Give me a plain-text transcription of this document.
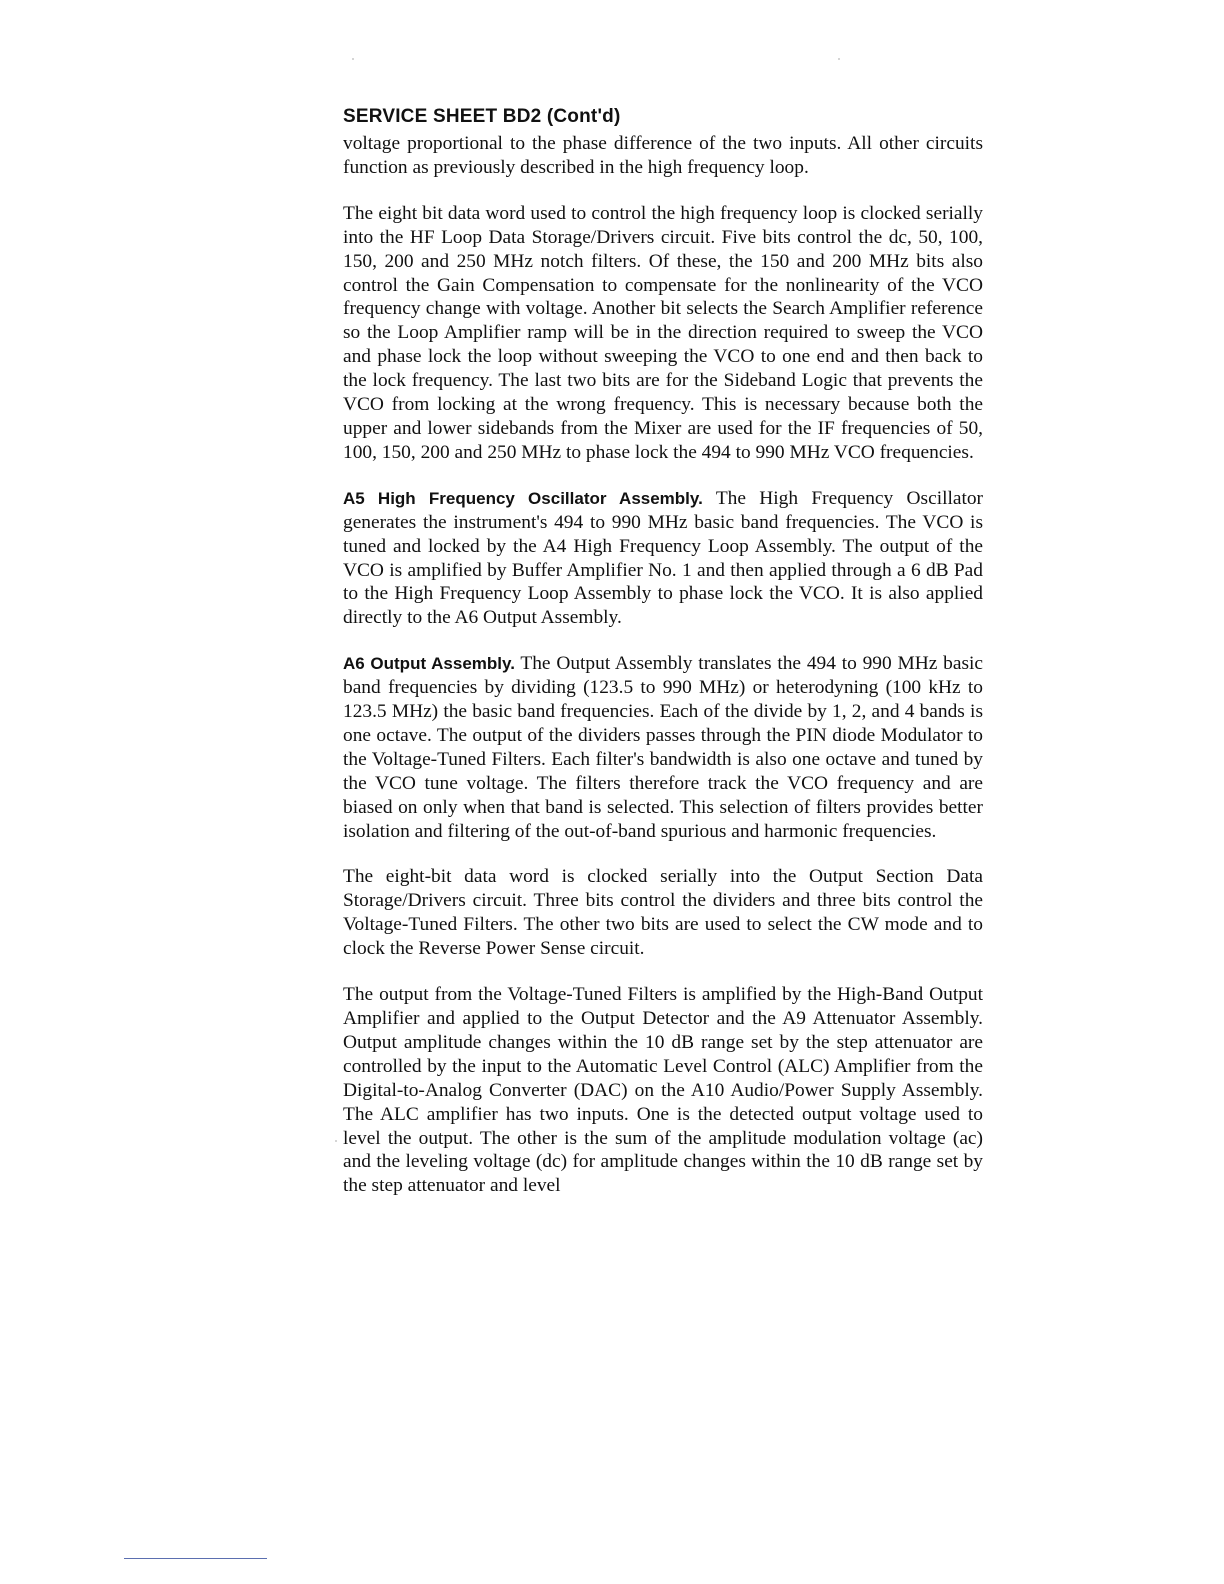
SERVICE SHEET BD2 (Cont'd)

voltage proportional to the phase difference of the two inputs. All other circuits function as previously described in the high frequency loop.

The eight bit data word used to control the high frequency loop is clocked serially into the HF Loop Data Storage/Drivers circuit. Five bits control the dc, 50, 100, 150, 200 and 250 MHz notch filters. Of these, the 150 and 200 MHz bits also control the Gain Compensation to compensate for the nonlinearity of the VCO frequency change with voltage. Another bit selects the Search Amplifier reference so the Loop Amplifier ramp will be in the direction required to sweep the VCO and phase lock the loop without sweeping the VCO to one end and then back to the lock frequency. The last two bits are for the Sideband Logic that prevents the VCO from locking at the wrong frequency. This is necessary because both the upper and lower sidebands from the Mixer are used for the IF frequencies of 50, 100, 150, 200 and 250 MHz to phase lock the 494 to 990 MHz VCO frequencies.

A5 High Frequency Oscillator Assembly. The High Frequency Oscillator generates the instrument's 494 to 990 MHz basic band frequencies. The VCO is tuned and locked by the A4 High Frequency Loop Assembly. The output of the VCO is amplified by Buffer Amplifier No. 1 and then applied through a 6 dB Pad to the High Frequency Loop Assembly to phase lock the VCO. It is also applied directly to the A6 Output Assembly.

A6 Output Assembly. The Output Assembly translates the 494 to 990 MHz basic band frequencies by dividing (123.5 to 990 MHz) or heterodyning (100 kHz to 123.5 MHz) the basic band frequencies. Each of the divide by 1, 2, and 4 bands is one octave. The output of the dividers passes through the PIN diode Modulator to the Voltage-Tuned Filters. Each filter's bandwidth is also one octave and tuned by the VCO tune voltage. The filters therefore track the VCO frequency and are biased on only when that band is selected. This selection of filters provides better isolation and filtering of the out-of-band spurious and harmonic frequencies.

The eight-bit data word is clocked serially into the Output Section Data Storage/Drivers circuit. Three bits control the dividers and three bits control the Voltage-Tuned Filters. The other two bits are used to select the CW mode and to clock the Reverse Power Sense circuit.

The output from the Voltage-Tuned Filters is amplified by the High-Band Output Amplifier and applied to the Output Detector and the A9 Attenuator Assembly. Output amplitude changes within the 10 dB range set by the step attenuator are controlled by the input to the Automatic Level Control (ALC) Amplifier from the Digital-to-Analog Converter (DAC) on the A10 Audio/Power Supply Assembly. The ALC amplifier has two inputs. One is the detected output voltage used to level the output. The other is the sum of the amplitude modulation voltage (ac) and the leveling voltage (dc) for amplitude changes within the 10 dB range set by the step attenuator and level
